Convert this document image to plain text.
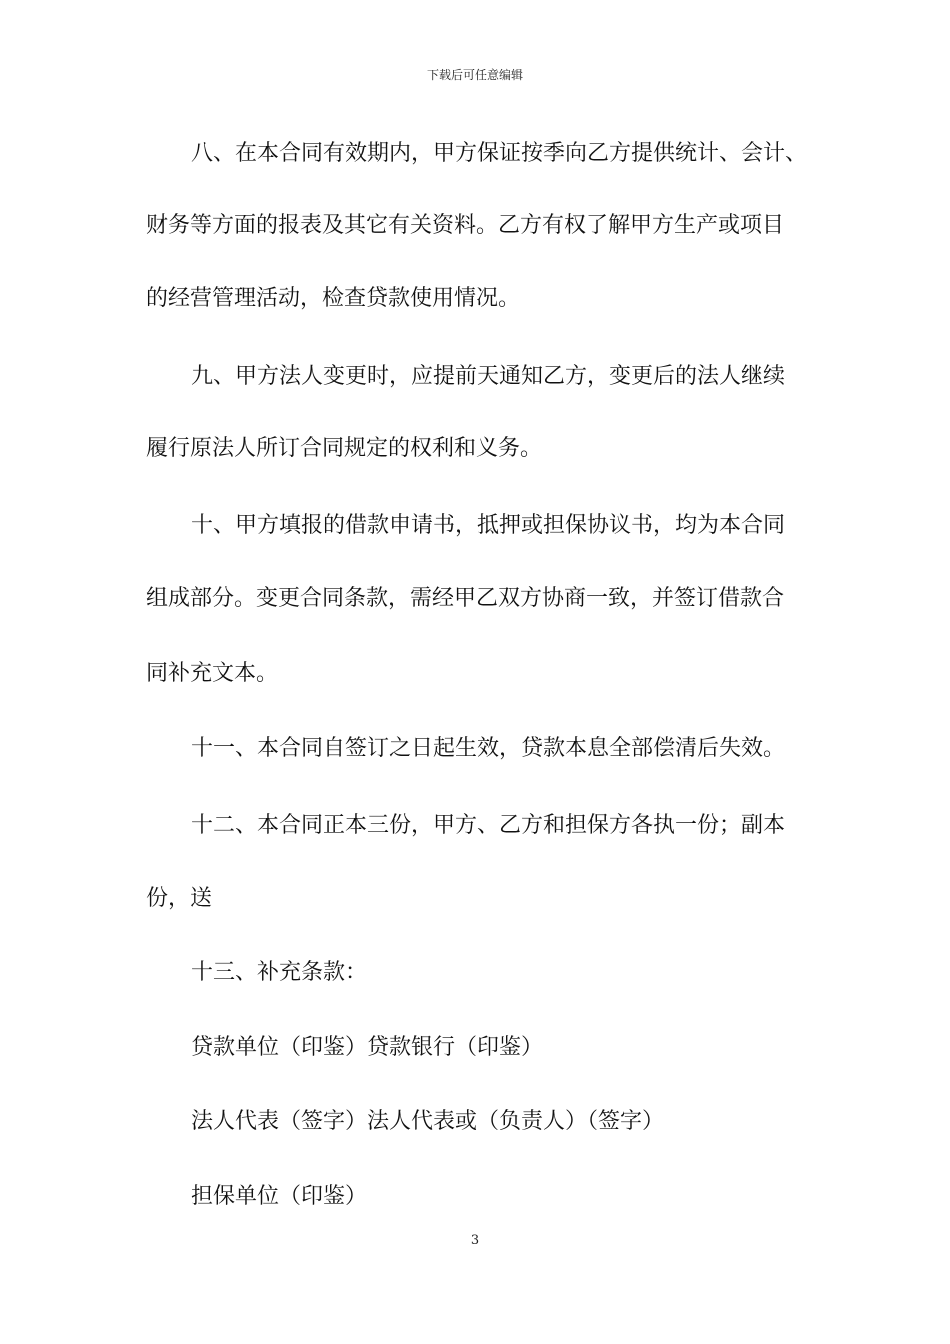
下载后可任意编辑
八、在本合同有效期内，甲方保证按季向乙方提供统计、会计、
财务等方面的报表及其它有关资料。乙方有权了解甲方生产或项目
的经营管理活动，检查贷款使用情况。
九、甲方法人变更时，应提前天通知乙方，变更后的法人继续
履行原法人所订合同规定的权利和义务。
十、甲方填报的借款申请书，抵押或担保协议书，均为本合同
组成部分。变更合同条款，需经甲乙双方协商一致，并签订借款合
同补充文本。
十一、本合同自签订之日起生效，贷款本息全部偿清后失效。
十二、本合同正本三份，甲方、乙方和担保方各执一份；副本
份，送
十三、补充条款：
贷款单位（印鉴）贷款银行（印鉴）
法人代表（签字）法人代表或（负责人）（签字）
担保单位（印鉴）
3
